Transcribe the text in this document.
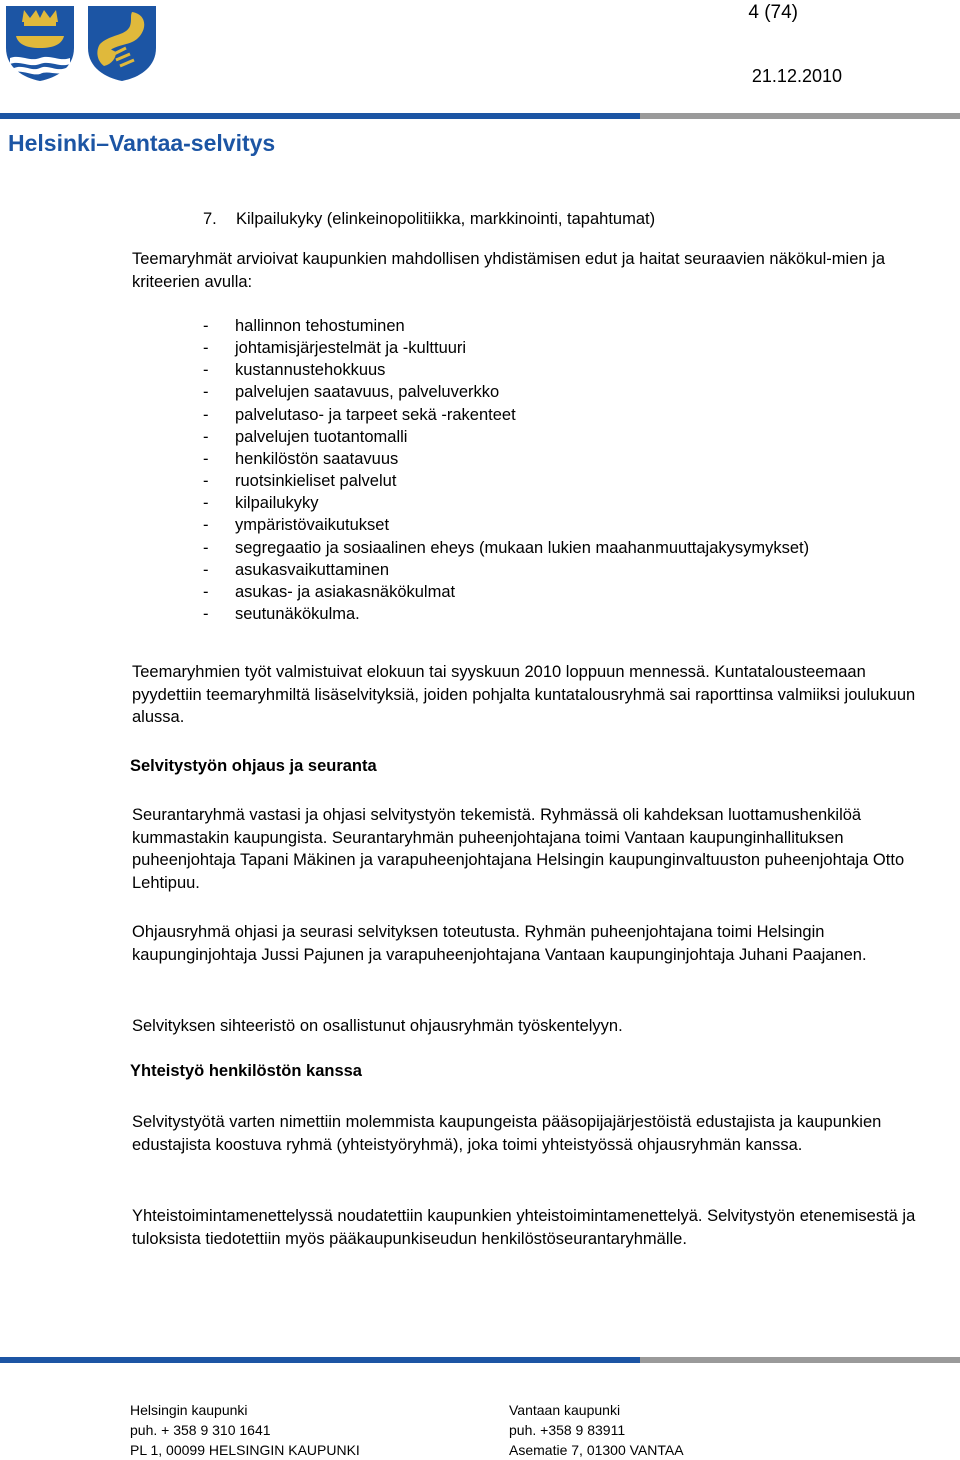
4 (74)
21.12.2010
Helsinki–Vantaa-selvitys
7. Kilpailukyky (elinkeinopolitiikka, markkinointi, tapahtumat)
Teemaryhmät arvioivat kaupunkien mahdollisen yhdistämisen edut ja haitat seuraavien näkökul-mien ja kriteerien avulla:
- hallinnon tehostuminen
- johtamisjärjestelmät ja -kulttuuri
- kustannustehokkuus
- palvelujen saatavuus, palveluverkko
- palvelutaso- ja tarpeet sekä -rakenteet
- palvelujen tuotantomalli
- henkilöstön saatavuus
- ruotsinkieliset palvelut
- kilpailukyky
- ympäristövaikutukset
- segregaatio ja sosiaalinen eheys (mukaan lukien maahanmuuttajakysymykset)
- asukasvaikuttaminen
- asukas- ja asiakasnäkökulmat
- seutunäkökulma.
Teemaryhmien työt valmistuivat elokuun tai syyskuun 2010 loppuun mennessä. Kuntatalousteemaan pyydettiin teemaryhmiltä lisäselvityksiä, joiden pohjalta kuntatalousryhmä sai raporttinsa valmiiksi joulukuun alussa.
Selvitystyön ohjaus ja seuranta
Seurantaryhmä vastasi ja ohjasi selvitystyön tekemistä. Ryhmässä oli kahdeksan luottamushenkilöä kummastakin kaupungista. Seurantaryhmän puheenjohtajana toimi Vantaan kaupunginhallituksen puheenjohtaja Tapani Mäkinen ja varapuheenjohtajana Helsingin kaupunginvaltuuston puheenjohtaja Otto Lehtipuu.
Ohjausryhmä ohjasi ja seurasi selvityksen toteutusta. Ryhmän puheenjohtajana toimi Helsingin kaupunginjohtaja Jussi Pajunen ja varapuheenjohtajana Vantaan kaupunginjohtaja Juhani Paajanen.
Selvityksen sihteeristö on osallistunut ohjausryhmän työskentelyyn.
Yhteistyö henkilöstön kanssa
Selvitystyötä varten nimettiin molemmista kaupungeista pääsopijajärjestöistä edustajista ja kaupunkien edustajista koostuva ryhmä (yhteistyöryhmä), joka toimi yhteistyössä ohjausryhmän kanssa.
Yhteistoimintamenettelyssä noudatettiin kaupunkien yhteistoimintamenettelyä. Selvitystyön etenemisestä ja tuloksista tiedotettiin myös pääkaupunkiseudun henkilöstöseurantaryhmälle.
Helsingin kaupunki
puh. + 358 9 310 1641
PL 1, 00099 HELSINGIN KAUPUNKI
Vantaan kaupunki
puh. +358 9 83911
Asematie 7, 01300 VANTAA
